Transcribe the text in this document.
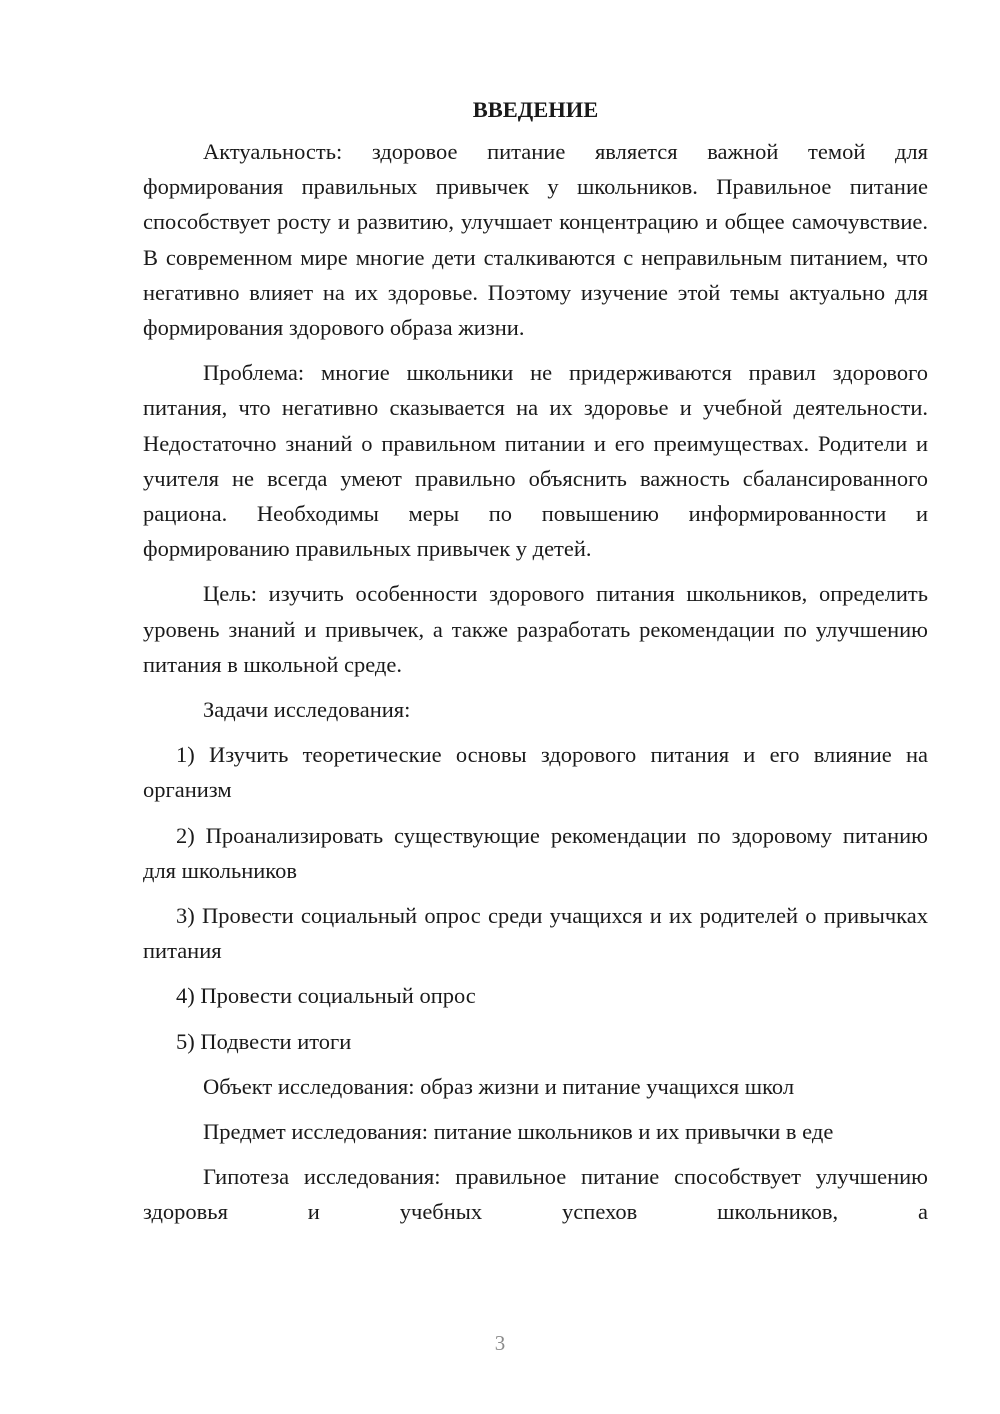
ВВЕДЕНИЕ

Актуальность: здоровое питание является важной темой для формирования правильных привычек у школьников. Правильное питание способствует росту и развитию, улучшает концентрацию и общее самочувствие. В современном мире многие дети сталкиваются с неправильным питанием, что негативно влияет на их здоровье. Поэтому изучение этой темы актуально для формирования здорового образа жизни.

Проблема: многие школьники не придерживаются правил здорового питания, что негативно сказывается на их здоровье и учебной деятельности. Недостаточно знаний о правильном питании и его преимуществах. Родители и учителя не всегда умеют правильно объяснить важность сбалансированного рациона. Необходимы меры по повышению информированности и формированию правильных привычек у детей.

Цель: изучить особенности здорового питания школьников, определить уровень знаний и привычек, а также разработать рекомендации по улучшению питания в школьной среде.

Задачи исследования:

1) Изучить теоретические основы здорового питания и его влияние на организм

2) Проанализировать существующие рекомендации по здоровому питанию для школьников

3) Провести социальный опрос среди учащихся и их родителей о привычках питания

4) Провести социальный опрос

5) Подвести итоги

Объект исследования: образ жизни и питание учащихся школ

Предмет исследования: питание школьников и их привычки в еде

Гипотеза исследования: правильное питание способствует улучшению здоровья и учебных успехов школьников, а

3
